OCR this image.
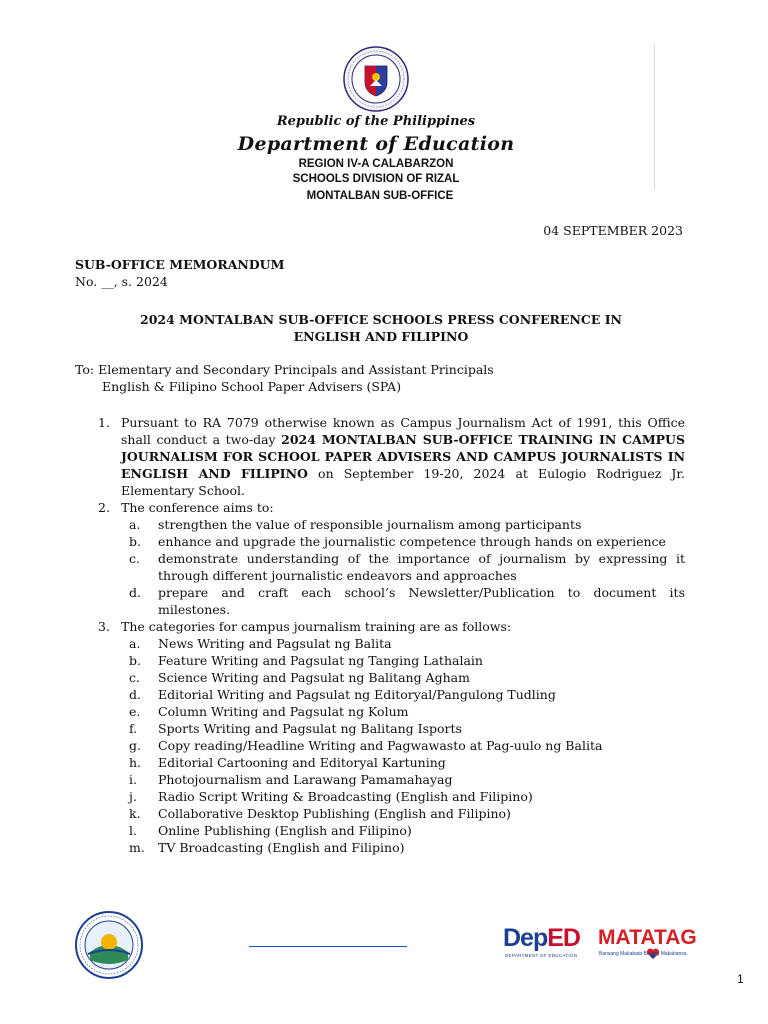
Republic of the Philippines
Department of Education
REGION IV-A CALABARZON
SCHOOLS DIVISION OF RIZAL
MONTALBAN SUB-OFFICE
04 SEPTEMBER 2023
SUB-OFFICE MEMORANDUM
No. __, s. 2024
2024 MONTALBAN SUB-OFFICE SCHOOLS PRESS CONFERENCE IN
ENGLISH AND FILIPINO
To: Elementary and Secondary Principals and Assistant Principals
English & Filipino School Paper Advisers (SPA)
1. Pursuant to RA 7079 otherwise known as Campus Journalism Act of 1991, this Office shall conduct a two-day 2024 MONTALBAN SUB-OFFICE TRAINING IN CAMPUS JOURNALISM FOR SCHOOL PAPER ADVISERS AND CAMPUS JOURNALISTS IN ENGLISH AND FILIPINO on September 19-20, 2024 at Eulogio Rodriguez Jr. Elementary School.
2. The conference aims to:
a.	strengthen the value of responsible journalism among participants
b.	enhance and upgrade the journalistic competence through hands on experience
c.	demonstrate understanding of the importance of journalism by expressing it through different journalistic endeavors and approaches
d.	prepare and craft each school’s Newsletter/Publication to document its milestones.
3. The categories for campus journalism training are as follows:
a.	News Writing and Pagsulat ng Balita
b.	Feature Writing and Pagsulat ng Tanging Lathalain
c.	Science Writing and Pagsulat ng Balitang Agham
d.	Editorial Writing and Pagsulat ng Editoryal/Pangulong Tudling
e.	Column Writing and Pagsulat ng Kolum
f.	Sports Writing and Pagsulat ng Balitang Isports
g.	Copy reading/Headline Writing and Pagwawasto at Pag-uulo ng Balita
h.	Editorial Cartooning and Editoryal Kartuning
i.	Photojournalism and Larawang Pamamahayag
j.	Radio Script Writing & Broadcasting (English and Filipino)
k.	Collaborative Desktop Publishing (English and Filipino)
l.	Online Publishing (English and Filipino)
m.	TV Broadcasting (English and Filipino)
DepED
DEPARTMENT OF EDUCATION
MATATAG
Bansang Makabata Batang Makabansa
1
